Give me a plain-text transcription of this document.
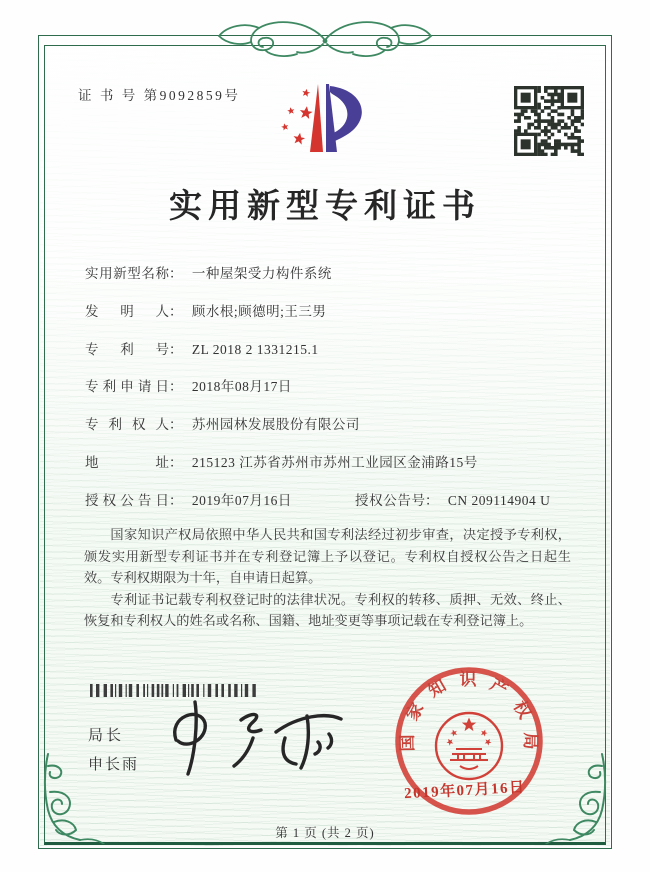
证 书 号 第9092859号
实用新型专利证书
实用新型名称： 一种屋架受力构件系统
发明人： 顾水根;顾德明;王三男
专利号： ZL 2018 2 1331215.1
专利申请日： 2018年08月17日
专利权人： 苏州园林发展股份有限公司
地址： 215123 江苏省苏州市苏州工业园区金浦路15号
授权公告日： 2019年07月16日	授权公告号： CN 209114904 U

国家知识产权局依照中华人民共和国专利法经过初步审查，决定授予专利权，颁发实用新型专利证书并在专利登记簿上予以登记。专利权自授权公告之日起生效。专利权期限为十年，自申请日起算。

专利证书记载专利权登记时的法律状况。专利权的转移、质押、无效、终止、恢复和专利权人的姓名或名称、国籍、地址变更等事项记载在专利登记簿上。

局长
申长雨
国家知识产权局
2019年07月16日
第 1 页 (共 2 页)
